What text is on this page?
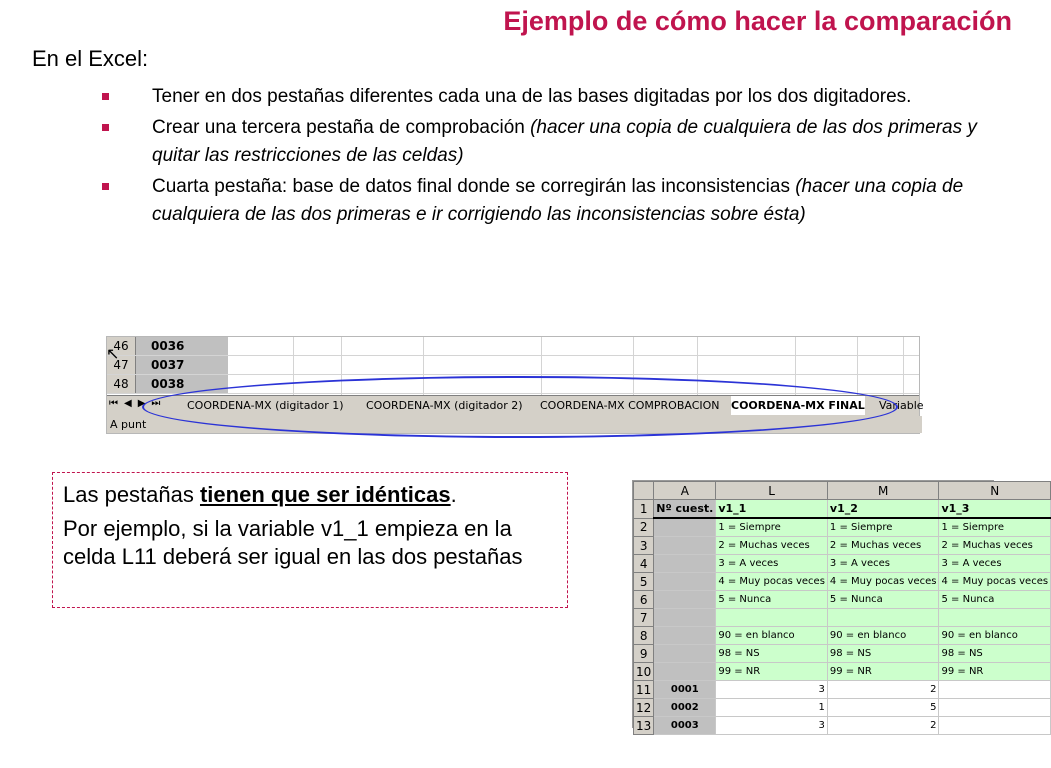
Ejemplo de cómo hacer la comparación

En el Excel:

Tener en dos pestañas diferentes cada una de las bases digitadas por los dos digitadores.
Crear una tercera pestaña de comprobación (hacer una copia de cualquiera de las dos primeras y quitar las restricciones de las celdas)
Cuarta pestaña: base de datos final donde se corregirán las inconsistencias (hacer una copia de cualquiera de las dos primeras e ir corrigiendo las inconsistencias sobre ésta)
46	0036
47	0037
48	0038
⏮◀▶⏭ COORDENA-MX (digitador 1) COORDENA-MX (digitador 2) COORDENA-MX COMPROBACION COORDENA-MX FINAL Variable
A punt
↖

Las pestañas tienen que ser idénticas.

Por ejemplo, si la variable v1_1 empieza en la celda L11 deberá ser igual en las dos pestañas

	A	L	M	N
1	Nº cuest.	v1_1	v1_2	v1_3
2		1 = Siempre	1 = Siempre	1 = Siempre
3		2 = Muchas veces	2 = Muchas veces	2 = Muchas veces
4		3 = A veces	3 = A veces	3 = A veces
5		4 = Muy pocas veces	4 = Muy pocas veces	4 = Muy pocas veces
6		5 = Nunca	5 = Nunca	5 = Nunca
7				
8		90 = en blanco	90 = en blanco	90 = en blanco
9		98 = NS	98 = NS	98 = NS
10		99 = NR	99 = NR	99 = NR
11	0001	3	2	
12	0002	1	5	
13	0003	3	2	
